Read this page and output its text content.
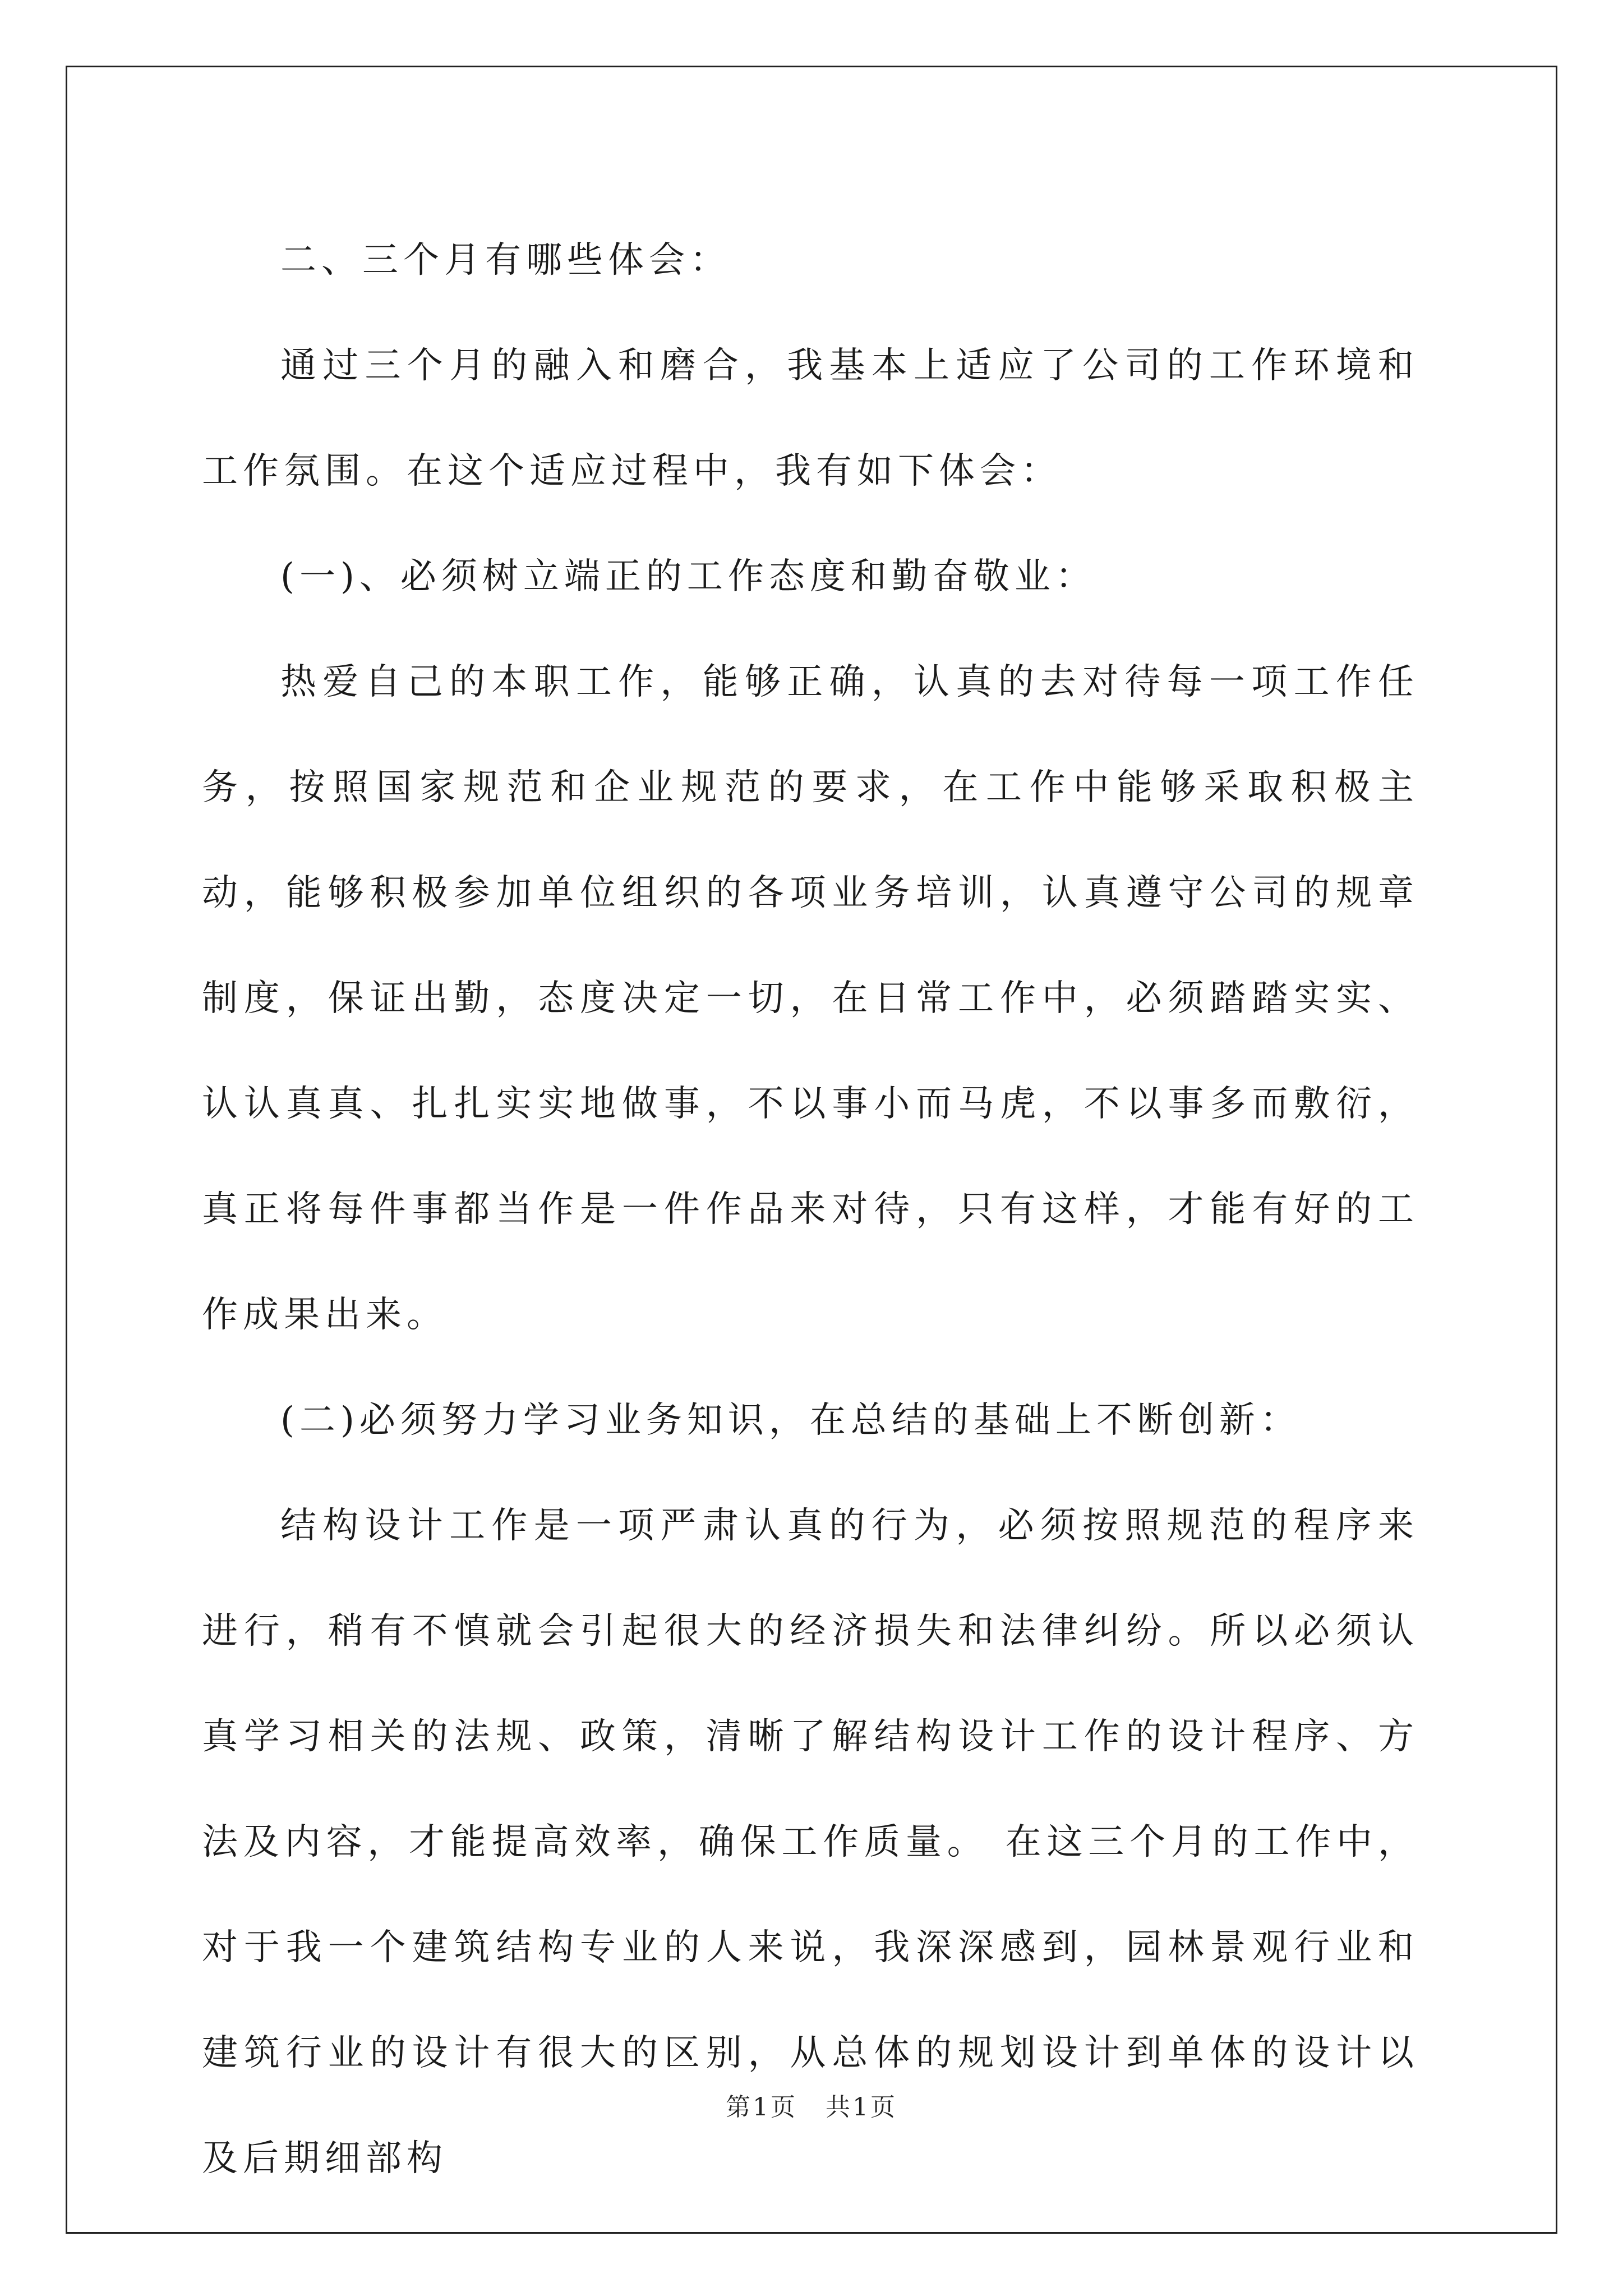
二、三个月有哪些体会：

通过三个月的融入和磨合，我基本上适应了公司的工作环境和工作氛围。在这个适应过程中，我有如下体会：

(一)、必须树立端正的工作态度和勤奋敬业：

热爱自己的本职工作，能够正确，认真的去对待每一项工作任务，按照国家规范和企业规范的要求，在工作中能够采取积极主动，能够积极参加单位组织的各项业务培训，认真遵守公司的规章制度，保证出勤，态度决定一切，在日常工作中，必须踏踏实实、认认真真、扎扎实实地做事，不以事小而马虎，不以事多而敷衍，真正将每件事都当作是一件作品来对待，只有这样，才能有好的工作成果出来。

(二)必须努力学习业务知识，在总结的基础上不断创新：

结构设计工作是一项严肃认真的行为，必须按照规范的程序来进行，稍有不慎就会引起很大的经济损失和法律纠纷。所以必须认真学习相关的法规、政策，清晰了解结构设计工作的设计程序、方法及内容，才能提高效率，确保工作质量。 在这三个月的工作中，对于我一个建筑结构专业的人来说，我深深感到，园林景观行业和建筑行业的设计有很大的区别，从总体的规划设计到单体的设计以及后期细部构

第1页 共1页
